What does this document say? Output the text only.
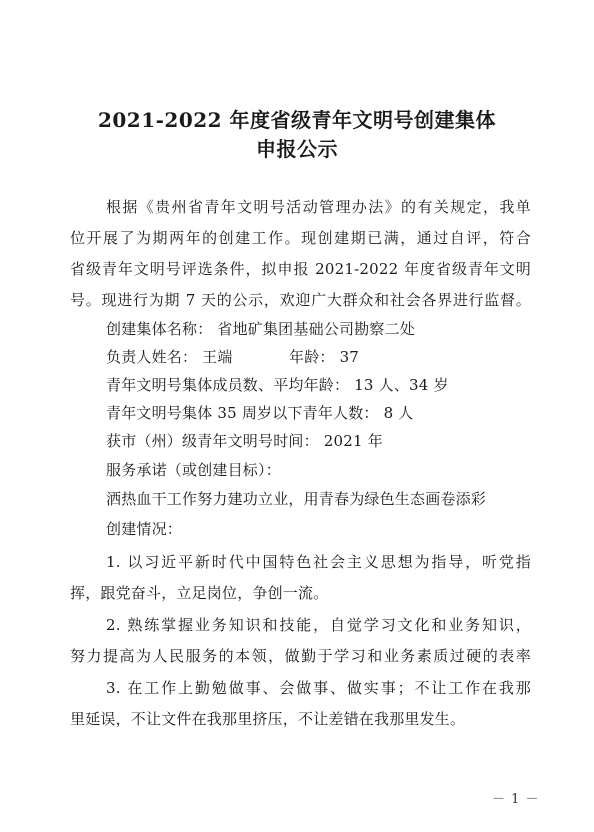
2021-2022 年度省级青年文明号创建集体
申报公示
根据《贵州省青年文明号活动管理办法》的有关规定，我单
位开展了为期两年的创建工作。现创建期已满，通过自评，符合
省级青年文明号评选条件，拟申报 2021-2022 年度省级青年文明
号。现进行为期 7 天的公示，欢迎广大群众和社会各界进行监督。
创建集体名称： 省地矿集团基础公司勘察二处
负责人姓名： 王端	年龄： 37
青年文明号集体成员数、平均年龄： 13 人、34 岁
青年文明号集体 35 周岁以下青年人数： 8 人
获市（州）级青年文明号时间： 2021 年
服务承诺（或创建目标）：
洒热血干工作努力建功立业，用青春为绿色生态画卷添彩
创建情况：
1. 以习近平新时代中国特色社会主义思想为指导，听党指
挥，跟党奋斗，立足岗位，争创一流。
2. 熟练掌握业务知识和技能，自觉学习文化和业务知识，
努力提高为人民服务的本领，做勤于学习和业务素质过硬的表率
3. 在工作上勤勉做事、会做事、做实事；不让工作在我那
里延误，不让文件在我那里挤压，不让差错在我那里发生。
－ 1 －
